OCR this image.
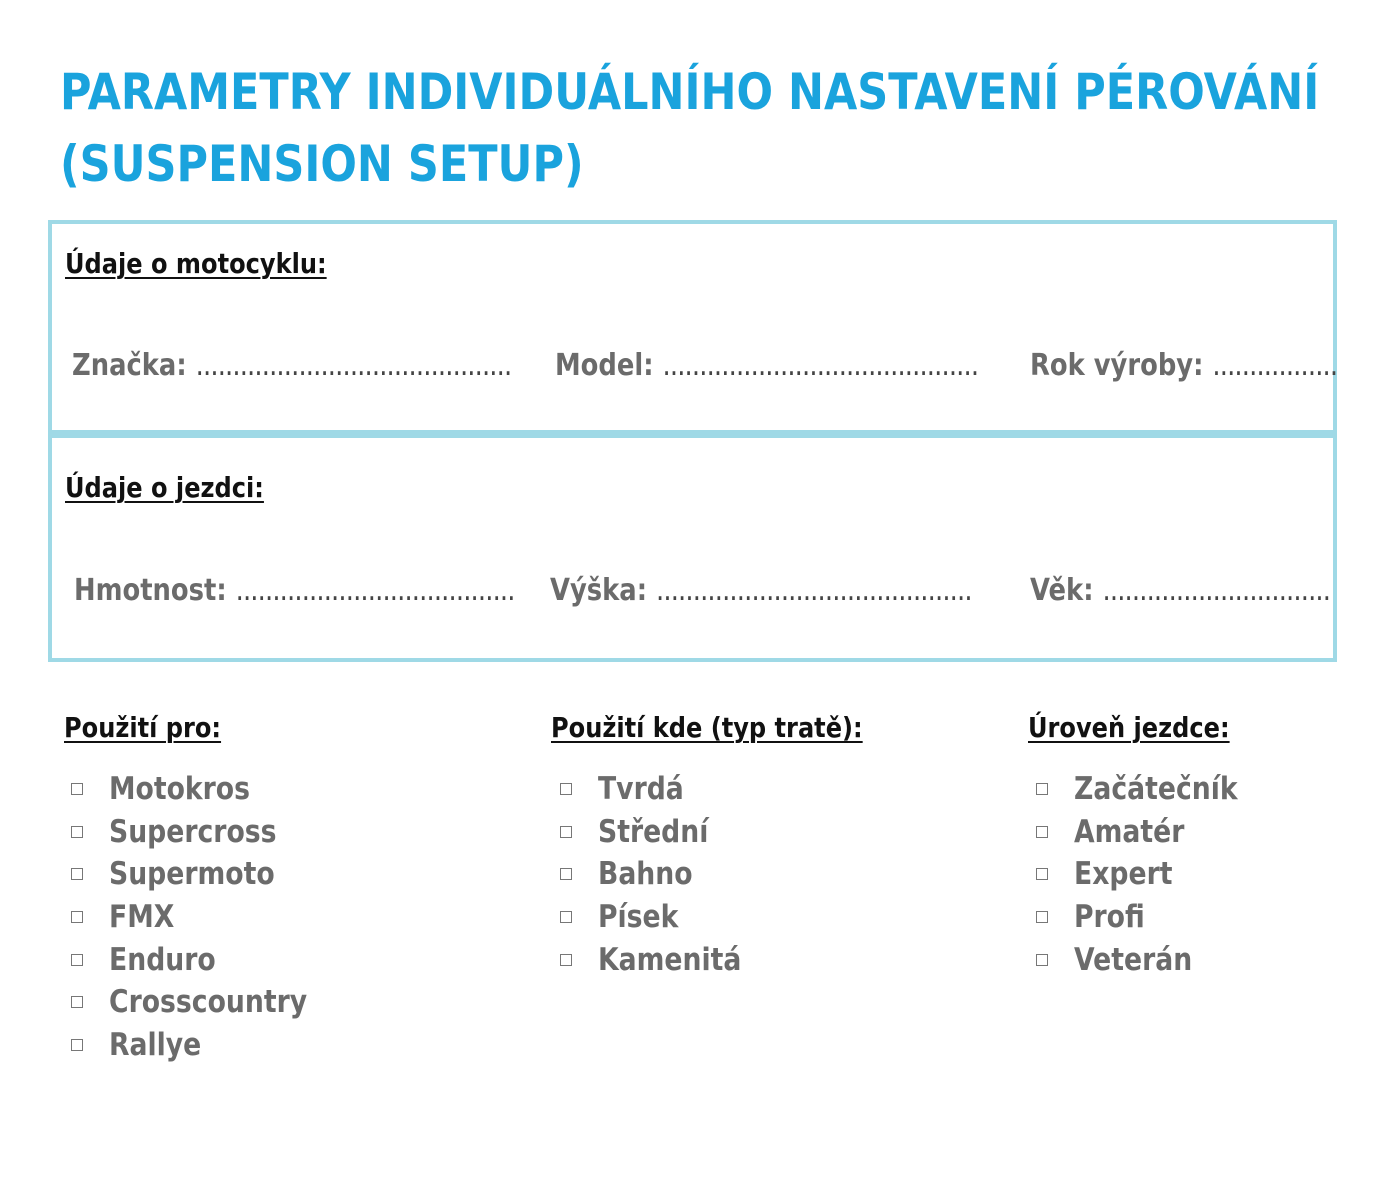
PARAMETRY INDIVIDUÁLNÍHO NASTAVENÍ PÉROVÁNÍ
(SUSPENSION SETUP)
Údaje o motocyklu:
Značka: ........................................... Model: ........................................... Rok výroby: .................
Údaje o jezdci:
Hmotnost: ...................................... Výška: ........................................... Věk: ...............................
Použití pro:
Motokros
Supercross
Supermoto
FMX
Enduro
Crosscountry
Rallye
Použití kde (typ tratě):
Tvrdá
Střední
Bahno
Písek
Kamenitá
Úroveň jezdce:
Začátečník
Amatér
Expert
Profi
Veterán
